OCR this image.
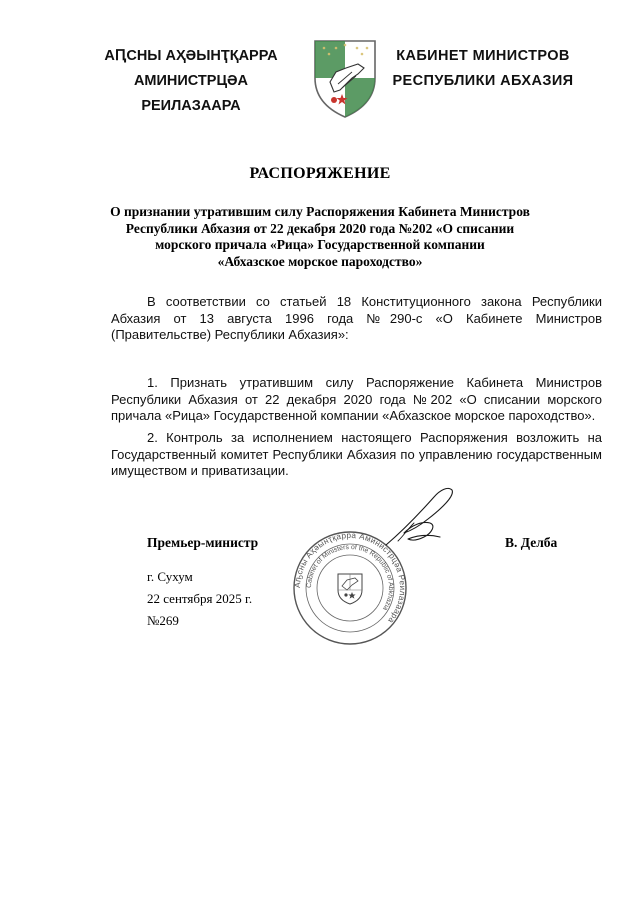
АԤСНЫ АҲӘЫНҬҚАРРА
АМИНИСТРЦӘА РЕИЛАЗААРА
КАБИНЕТ МИНИСТРОВ
РЕСПУБЛИКИ АБХАЗИЯ
РАСПОРЯЖЕНИЕ
О признании утратившим силу Распоряжения Кабинета Министров
Республики Абхазия от 22 декабря 2020 года №202 «О списании
морского причала «Рица» Государственной компании
«Абхазское морское пароходство»
В соответствии со статьей 18 Конституционного закона Республики Абхазия от 13 августа 1996 года №290-с «О Кабинете Министров (Правительстве) Республики Абхазия»:
1. Признать утратившим силу Распоряжение Кабинета Министров Республики Абхазия от 22 декабря 2020 года №202 «О списании морского причала «Рица» Государственной компании «Абхазское морское пароходство».
2. Контроль за исполнением настоящего Распоряжения возложить на Государственный комитет Республики Абхазия по управлению государственным имуществом и приватизации.
Премьер-министр	В. Делба
г. Сухум
22 сентября 2025 г.
№269
Аҧсны Аҳәынҭқарра Аминистрцәа Реилазаара
Cabinet of Ministers of the Republic of Abkhazia
